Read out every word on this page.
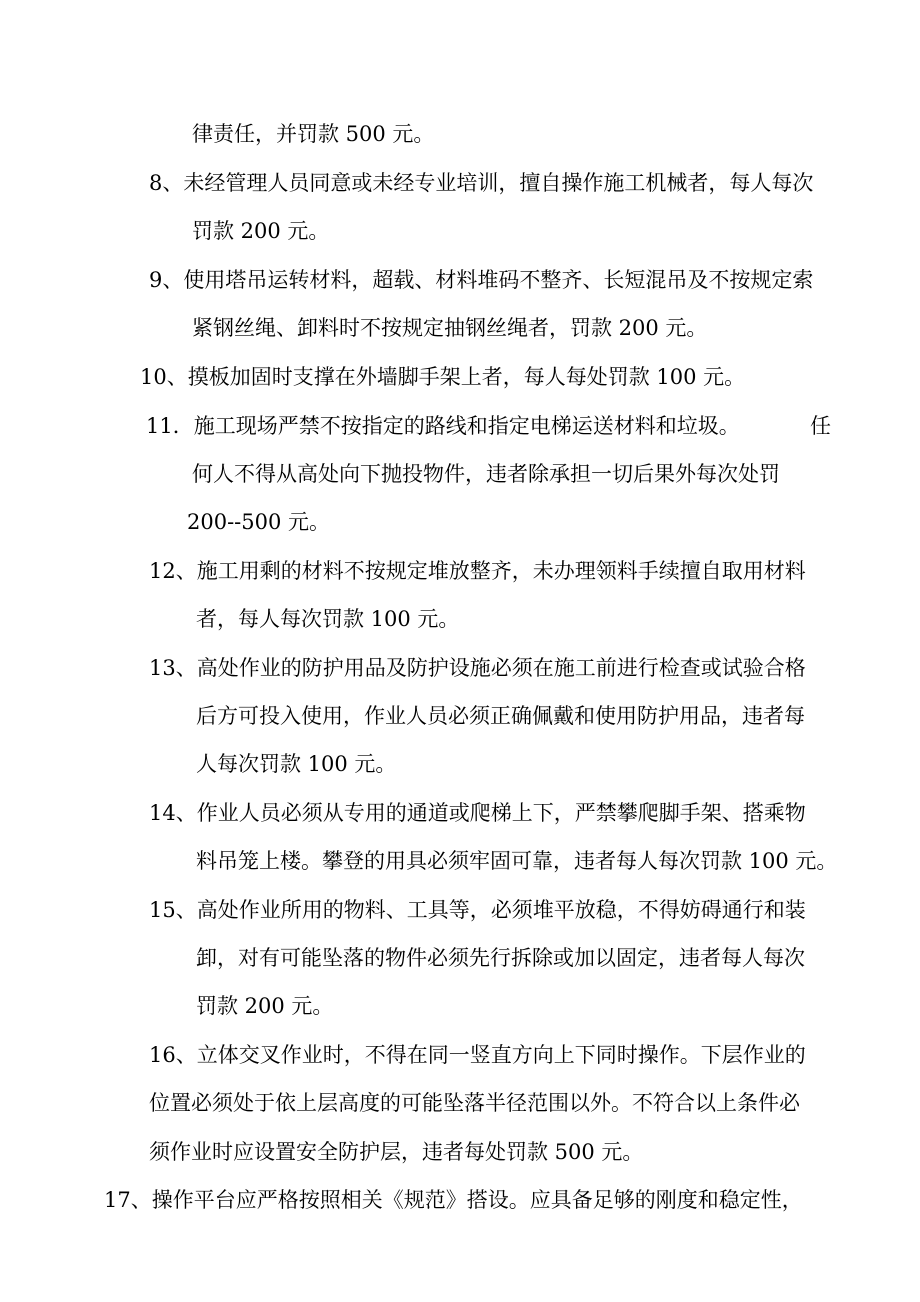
律责任，并罚款 500 元。
8、未经管理人员同意或未经专业培训，擅自操作施工机械者，每人每次
罚款 200 元。
9、使用塔吊运转材料，超载、材料堆码不整齐、长短混吊及不按规定索
紧钢丝绳、卸料时不按规定抽钢丝绳者，罚款 200 元。
10、摸板加固时支撑在外墙脚手架上者，每人每处罚款 100 元。
11．施工现场严禁不按指定的路线和指定电梯运送材料和垃圾。	任
何人不得从高处向下抛投物件，违者除承担一切后果外每次处罚
200--500 元。
12、施工用剩的材料不按规定堆放整齐，未办理领料手续擅自取用材料
者，每人每次罚款 100 元。
13、高处作业的防护用品及防护设施必须在施工前进行检查或试验合格
后方可投入使用，作业人员必须正确佩戴和使用防护用品，违者每
人每次罚款 100 元。
14、作业人员必须从专用的通道或爬梯上下，严禁攀爬脚手架、搭乘物
料吊笼上楼。攀登的用具必须牢固可靠，违者每人每次罚款 100 元。
15、高处作业所用的物料、工具等，必须堆平放稳，不得妨碍通行和装
卸，对有可能坠落的物件必须先行拆除或加以固定，违者每人每次
罚款 200 元。
16、立体交叉作业时，不得在同一竖直方向上下同时操作。下层作业的
位置必须处于依上层高度的可能坠落半径范围以外。不符合以上条件必
须作业时应设置安全防护层，违者每处罚款 500 元。
17、操作平台应严格按照相关《规范》搭设。应具备足够的刚度和稳定性，
